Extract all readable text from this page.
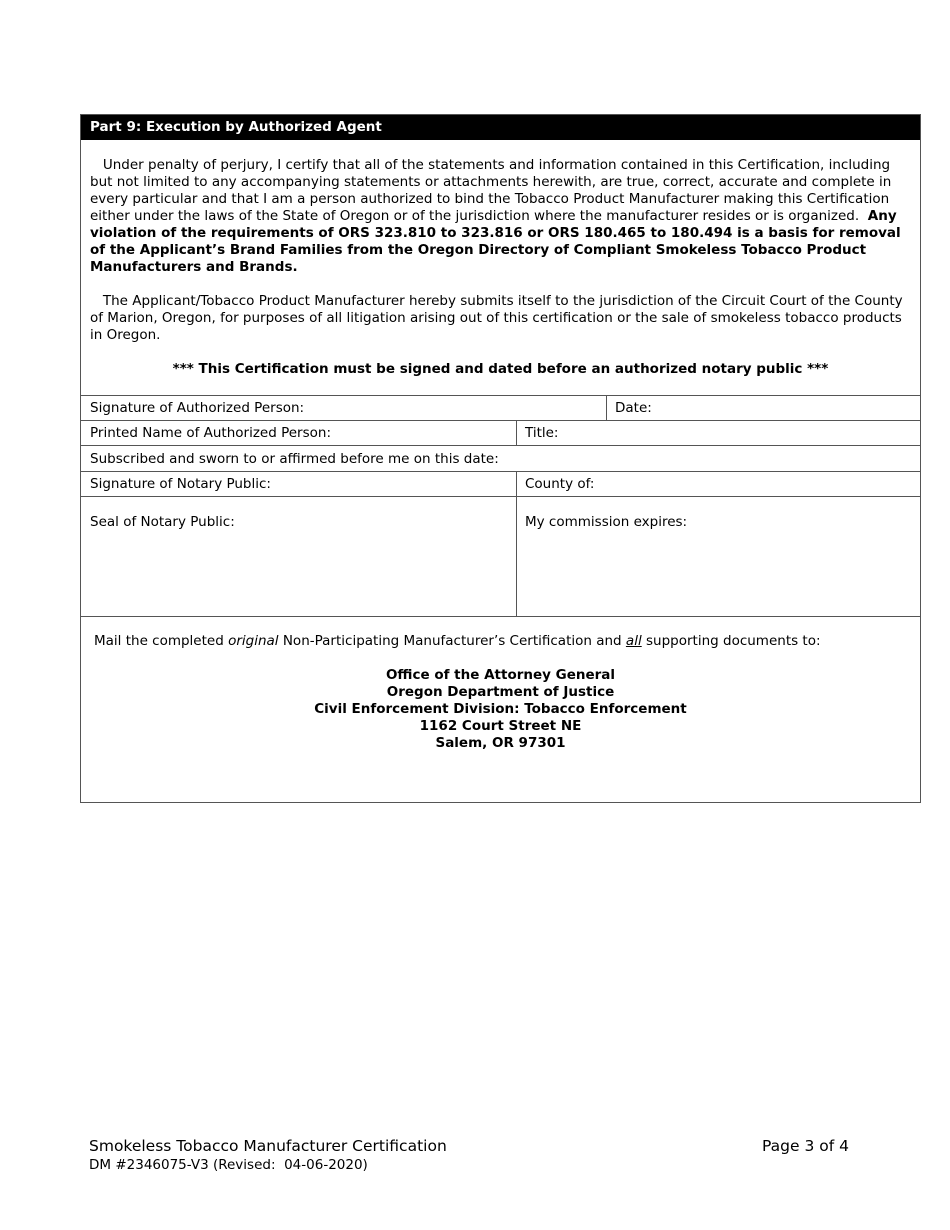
Part 9: Execution by Authorized Agent
Under penalty of perjury, I certify that all of the statements and information contained in this Certification, including but not limited to any accompanying statements or attachments herewith, are true, correct, accurate and complete in every particular and that I am a person authorized to bind the Tobacco Product Manufacturer making this Certification either under the laws of the State of Oregon or of the jurisdiction where the manufacturer resides or is organized.  Any violation of the requirements of ORS 323.810 to 323.816 or ORS 180.465 to 180.494 is a basis for removal of the Applicant’s Brand Families from the Oregon Directory of Compliant Smokeless Tobacco Product Manufacturers and Brands.
The Applicant/Tobacco Product Manufacturer hereby submits itself to the jurisdiction of the Circuit Court of the County of Marion, Oregon, for purposes of all litigation arising out of this certification or the sale of smokeless tobacco products in Oregon.
*** This Certification must be signed and dated before an authorized notary public ***
Signature of Authorized Person:	Date:
Printed Name of Authorized Person:	Title:
Subscribed and sworn to or affirmed before me on this date:
Signature of Notary Public:	County of:
Seal of Notary Public:	My commission expires:
Mail the completed original Non-Participating Manufacturer’s Certification and all supporting documents to:
Office of the Attorney General
Oregon Department of Justice
Civil Enforcement Division: Tobacco Enforcement
1162 Court Street NE
Salem, OR 97301
Smokeless Tobacco Manufacturer Certification
DM #2346075-V3 (Revised:  04-06-2020)
Page 3 of 4
